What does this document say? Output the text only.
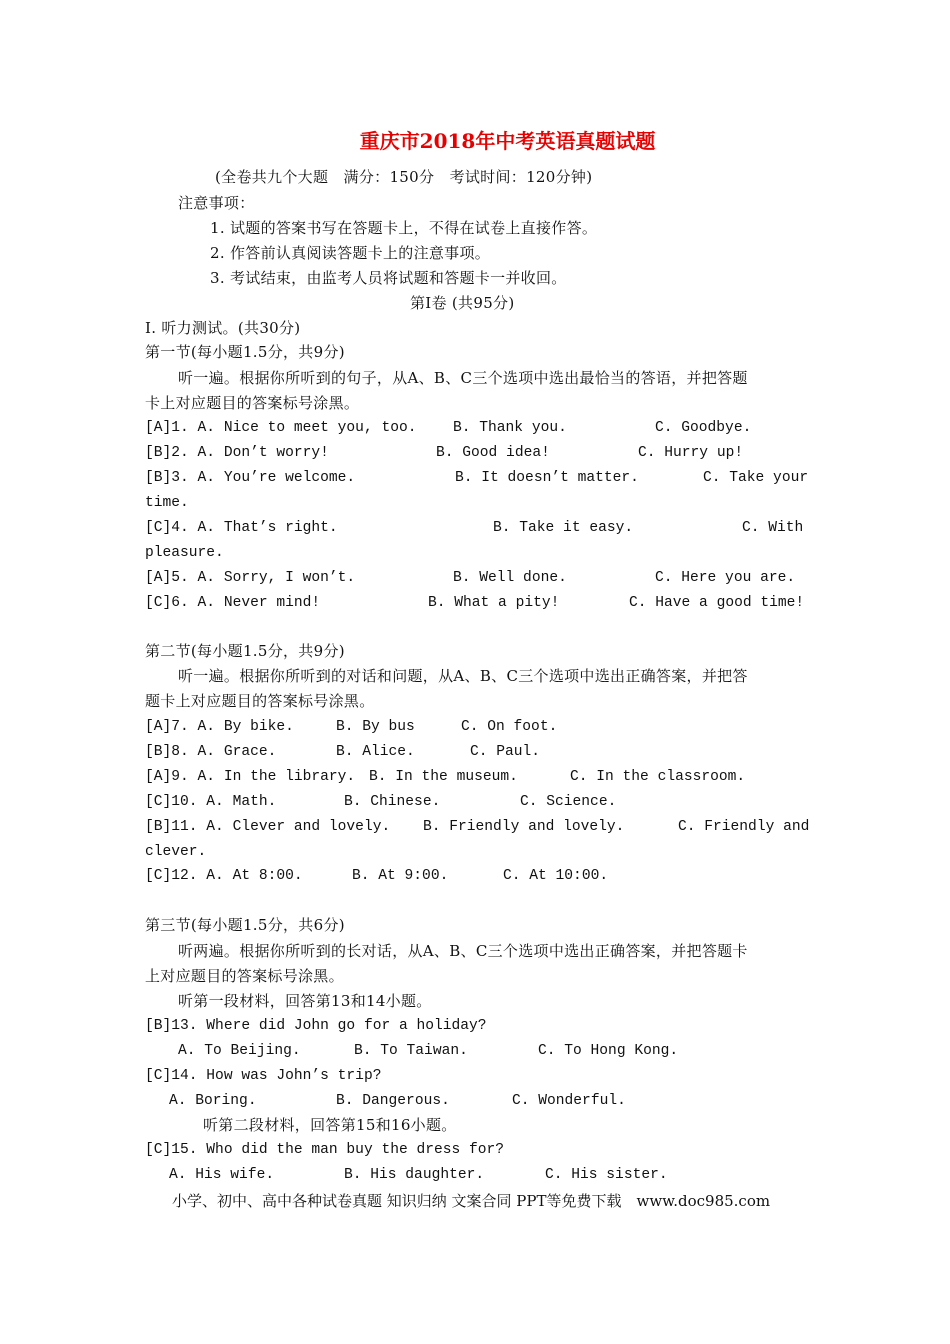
重庆市2018年中考英语真题试题
(全卷共九个大题　满分：150分　考试时间：120分钟)
注意事项：
1. 试题的答案书写在答题卡上，不得在试卷上直接作答。
2. 作答前认真阅读答题卡上的注意事项。
3. 考试结束，由监考人员将试题和答题卡一并收回。
第Ⅰ卷 (共95分)
I. 听力测试。(共30分)
第一节(每小题1.5分，共9分)
听一遍。根据你所听到的句子，从A、B、C三个选项中选出最恰当的答语，并把答题
卡上对应题目的答案标号涂黑。
[A]1. A. Nice to meet you, too.	B. Thank you.	C. Goodbye.
[B]2. A. Don’t worry!	B. Good idea!	C. Hurry up!
[B]3. A. You’re welcome.	B. It doesn’t matter.	C. Take your
time.
[C]4. A. That’s right.	B. Take it easy.	C. With
pleasure.
[A]5. A. Sorry, I won’t.	B. Well done.	C. Here you are.
[C]6. A. Never mind!	B. What a pity!	C. Have a good time!
第二节(每小题1.5分，共9分)
听一遍。根据你所听到的对话和问题，从A、B、C三个选项中选出正确答案，并把答
题卡上对应题目的答案标号涂黑。
[A]7. A. By bike.	B. By bus	C. On foot.
[B]8. A. Grace.	B. Alice.	C. Paul.
[A]9. A. In the library. B. In the museum.	C. In the classroom.
[C]10. A. Math.	B. Chinese.	C. Science.
[B]11. A. Clever and lovely. B. Friendly and lovely.	C. Friendly and
clever.
[C]12. A. At 8:00.	B. At 9:00.	C. At 10:00.
第三节(每小题1.5分，共6分)
听两遍。根据你所听到的长对话，从A、B、C三个选项中选出正确答案，并把答题卡
上对应题目的答案标号涂黑。
听第一段材料，回答第13和14小题。
[B]13. Where did John go for a holiday?
A. To Beijing.	B. To Taiwan.	C. To Hong Kong.
[C]14. How was John’s trip?
A. Boring.	B. Dangerous.	C. Wonderful.
听第二段材料，回答第15和16小题。
[C]15. Who did the man buy the dress for?
A. His wife.	B. His daughter.	C. His sister.
小学、初中、高中各种试卷真题 知识归纳 文案合同 PPT等免费下载　www.doc985.com
